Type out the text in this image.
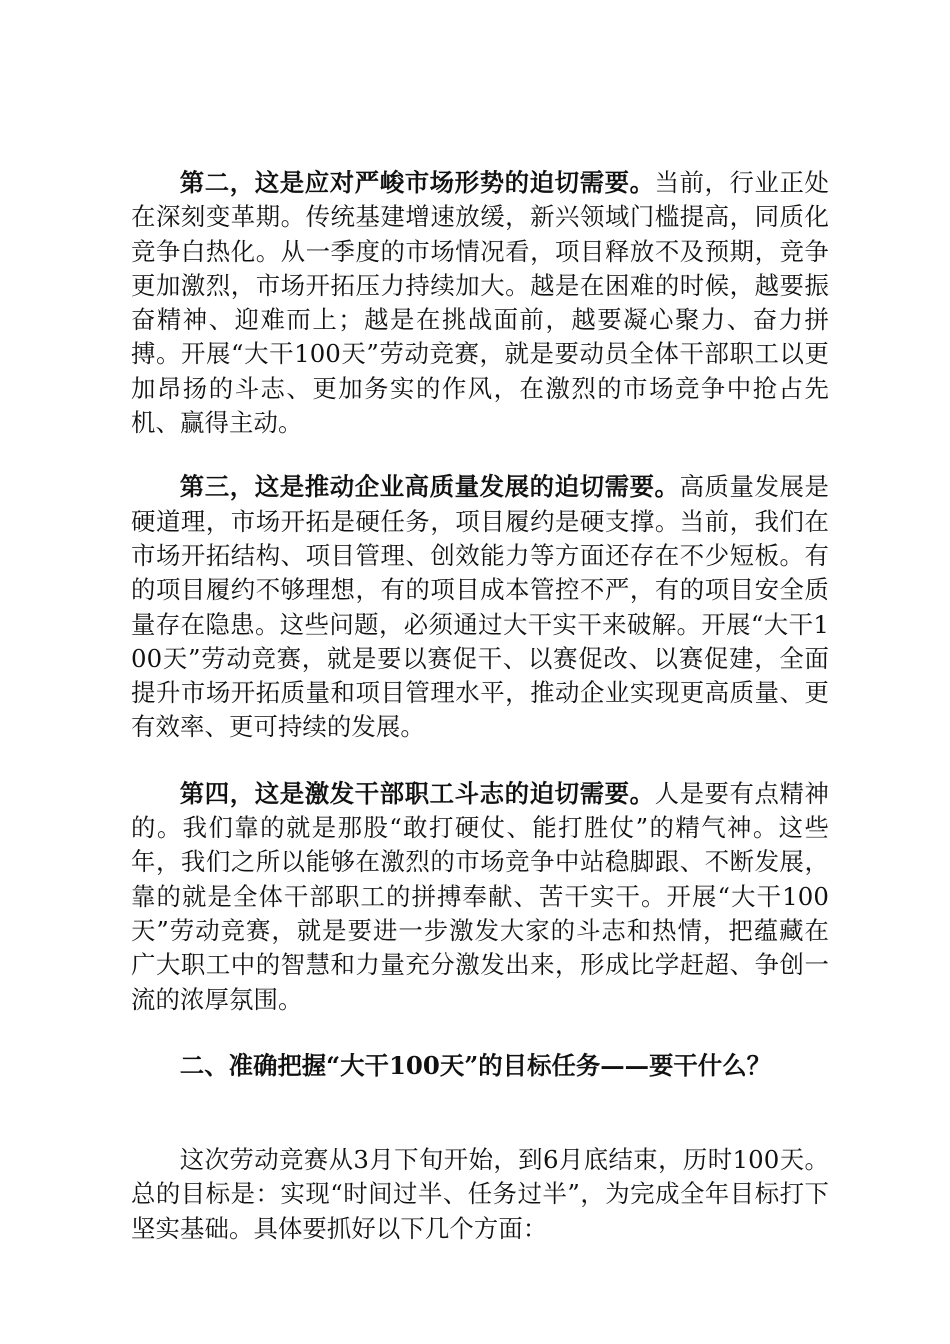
第二，这是应对严峻市场形势的迫切需要。当前，行业正处在深刻变革期。传统基建增速放缓，新兴领域门槛提高，同质化竞争白热化。从一季度的市场情况看，项目释放不及预期，竞争更加激烈，市场开拓压力持续加大。越是在困难的时候，越要振奋精神、迎难而上；越是在挑战面前，越要凝心聚力、奋力拼搏。开展“大干100天”劳动竞赛，就是要动员全体干部职工以更加昂扬的斗志、更加务实的作风，在激烈的市场竞争中抢占先机、赢得主动。

第三，这是推动企业高质量发展的迫切需要。高质量发展是硬道理，市场开拓是硬任务，项目履约是硬支撑。当前，我们在市场开拓结构、项目管理、创效能力等方面还存在不少短板。有的项目履约不够理想，有的项目成本管控不严，有的项目安全质量存在隐患。这些问题，必须通过大干实干来破解。开展“大干100天”劳动竞赛，就是要以赛促干、以赛促改、以赛促建，全面提升市场开拓质量和项目管理水平，推动企业实现更高质量、更有效率、更可持续的发展。

第四，这是激发干部职工斗志的迫切需要。人是要有点精神的。我们靠的就是那股“敢打硬仗、能打胜仗”的精气神。这些年，我们之所以能够在激烈的市场竞争中站稳脚跟、不断发展，靠的就是全体干部职工的拼搏奉献、苦干实干。开展“大干100天”劳动竞赛，就是要进一步激发大家的斗志和热情，把蕴藏在广大职工中的智慧和力量充分激发出来，形成比学赶超、争创一流的浓厚氛围。

二、准确把握“大干100天”的目标任务——要干什么？

这次劳动竞赛从3月下旬开始，到6月底结束，历时100天。总的目标是：实现“时间过半、任务过半”，为完成全年目标打下坚实基础。具体要抓好以下几个方面：
